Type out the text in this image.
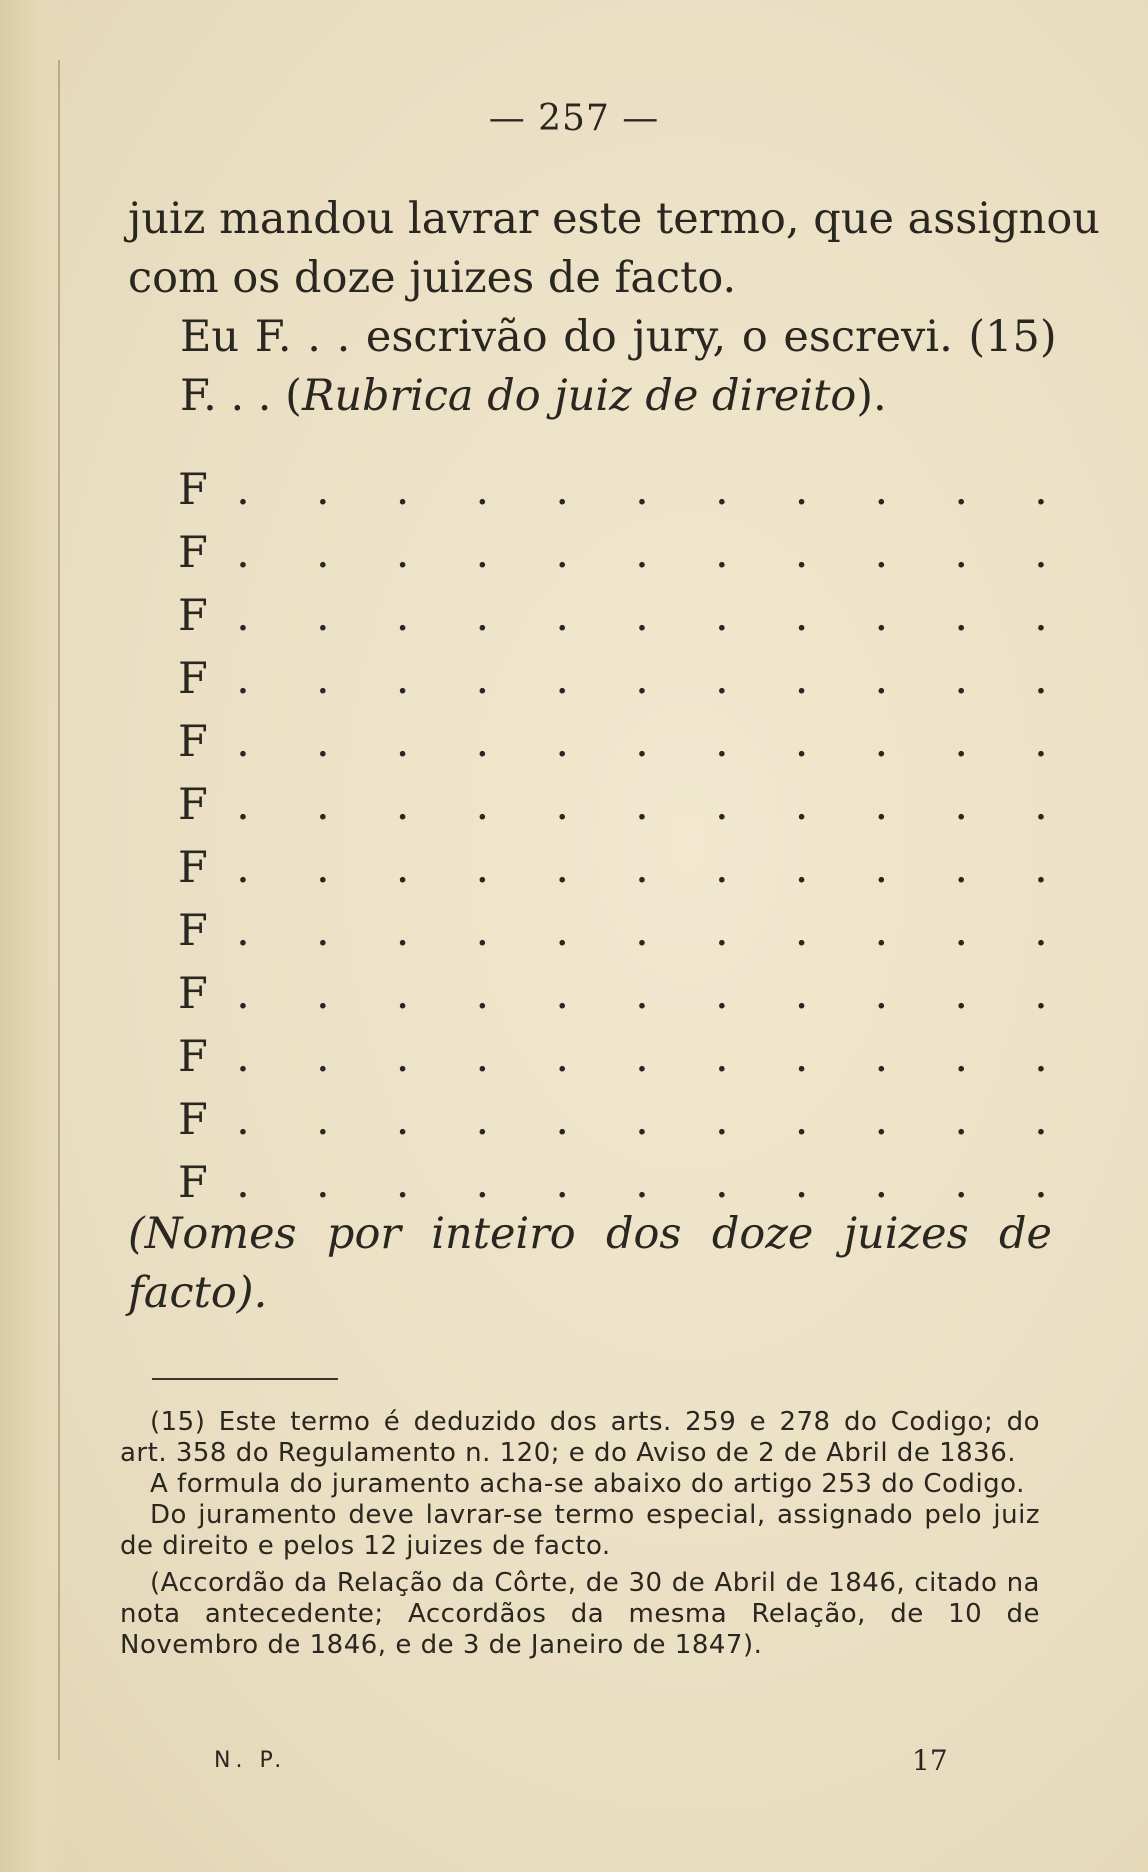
— 257 —
juiz mandou lavrar este termo, que assignou
com os doze juizes de facto.
Eu F. . . escrivão do jury, o escrevi. (15)
F. . . (Rubrica do juiz de direito).
F . . . . . . . . . . .
F . . . . . . . . . . .
F . . . . . . . . . . .
F . . . . . . . . . . .
F . . . . . . . . . . .
F . . . . . . . . . . .
F . . . . . . . . . . .
F . . . . . . . . . . .
F . . . . . . . . . . .
F . . . . . . . . . . .
F . . . . . . . . . . .
F . . . . . . . . . . .
(Nomes por inteiro dos doze juizes de
facto).

(15) Este termo é deduzido dos arts. 259 e 278 do Codigo; do art. 358 do Regulamento n. 120; e do Aviso de 2 de Abril de 1836.

A formula do juramento acha-se abaixo do artigo 253 do Codigo.

Do juramento deve lavrar-se termo especial, assignado pelo juiz de direito e pelos 12 juizes de facto.

(Accordão da Relação da Côrte, de 30 de Abril de 1846, citado na nota antecedente; Accordãos da mesma Relação, de 10 de Novembro de 1846, e de 3 de Janeiro de 1847).

N. P.	17
